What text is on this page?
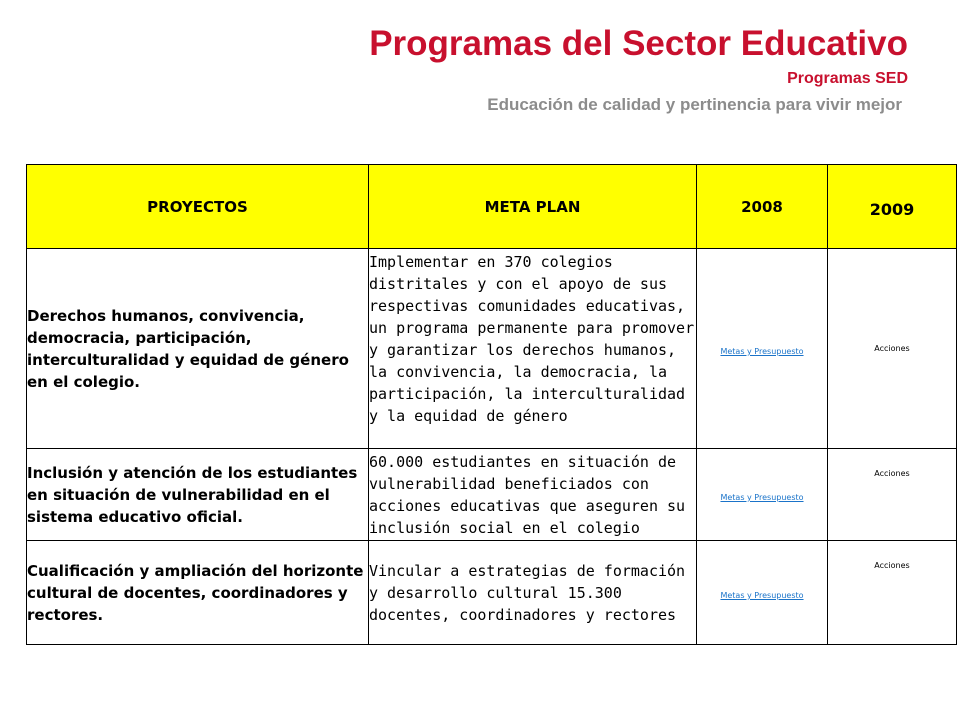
Programas del Sector Educativo
Programas SED
Educación de calidad y pertinencia para vivir mejor
PROYECTOS	META PLAN	2008	2009
Derechos humanos, convivencia, democracia, participación, interculturalidad y equidad de género en el colegio.	Implementar en 370 colegios distritales y con el apoyo de sus respectivas comunidades educativas, un programa permanente para promover y garantizar los derechos humanos, la convivencia, la democracia, la participación, la interculturalidad y la equidad de género	Metas y Presupuesto	Acciones
Inclusión y atención de los estudiantes en situación de vulnerabilidad en el sistema educativo oficial.	60.000 estudiantes en situación de vulnerabilidad beneficiados con acciones educativas que aseguren su inclusión social en el colegio	Metas y Presupuesto	Acciones
Cualificación y ampliación del horizonte cultural de docentes, coordinadores y rectores.	Vincular a estrategias de formación y desarrollo cultural 15.300 docentes, coordinadores y rectores	Metas y Presupuesto	Acciones
